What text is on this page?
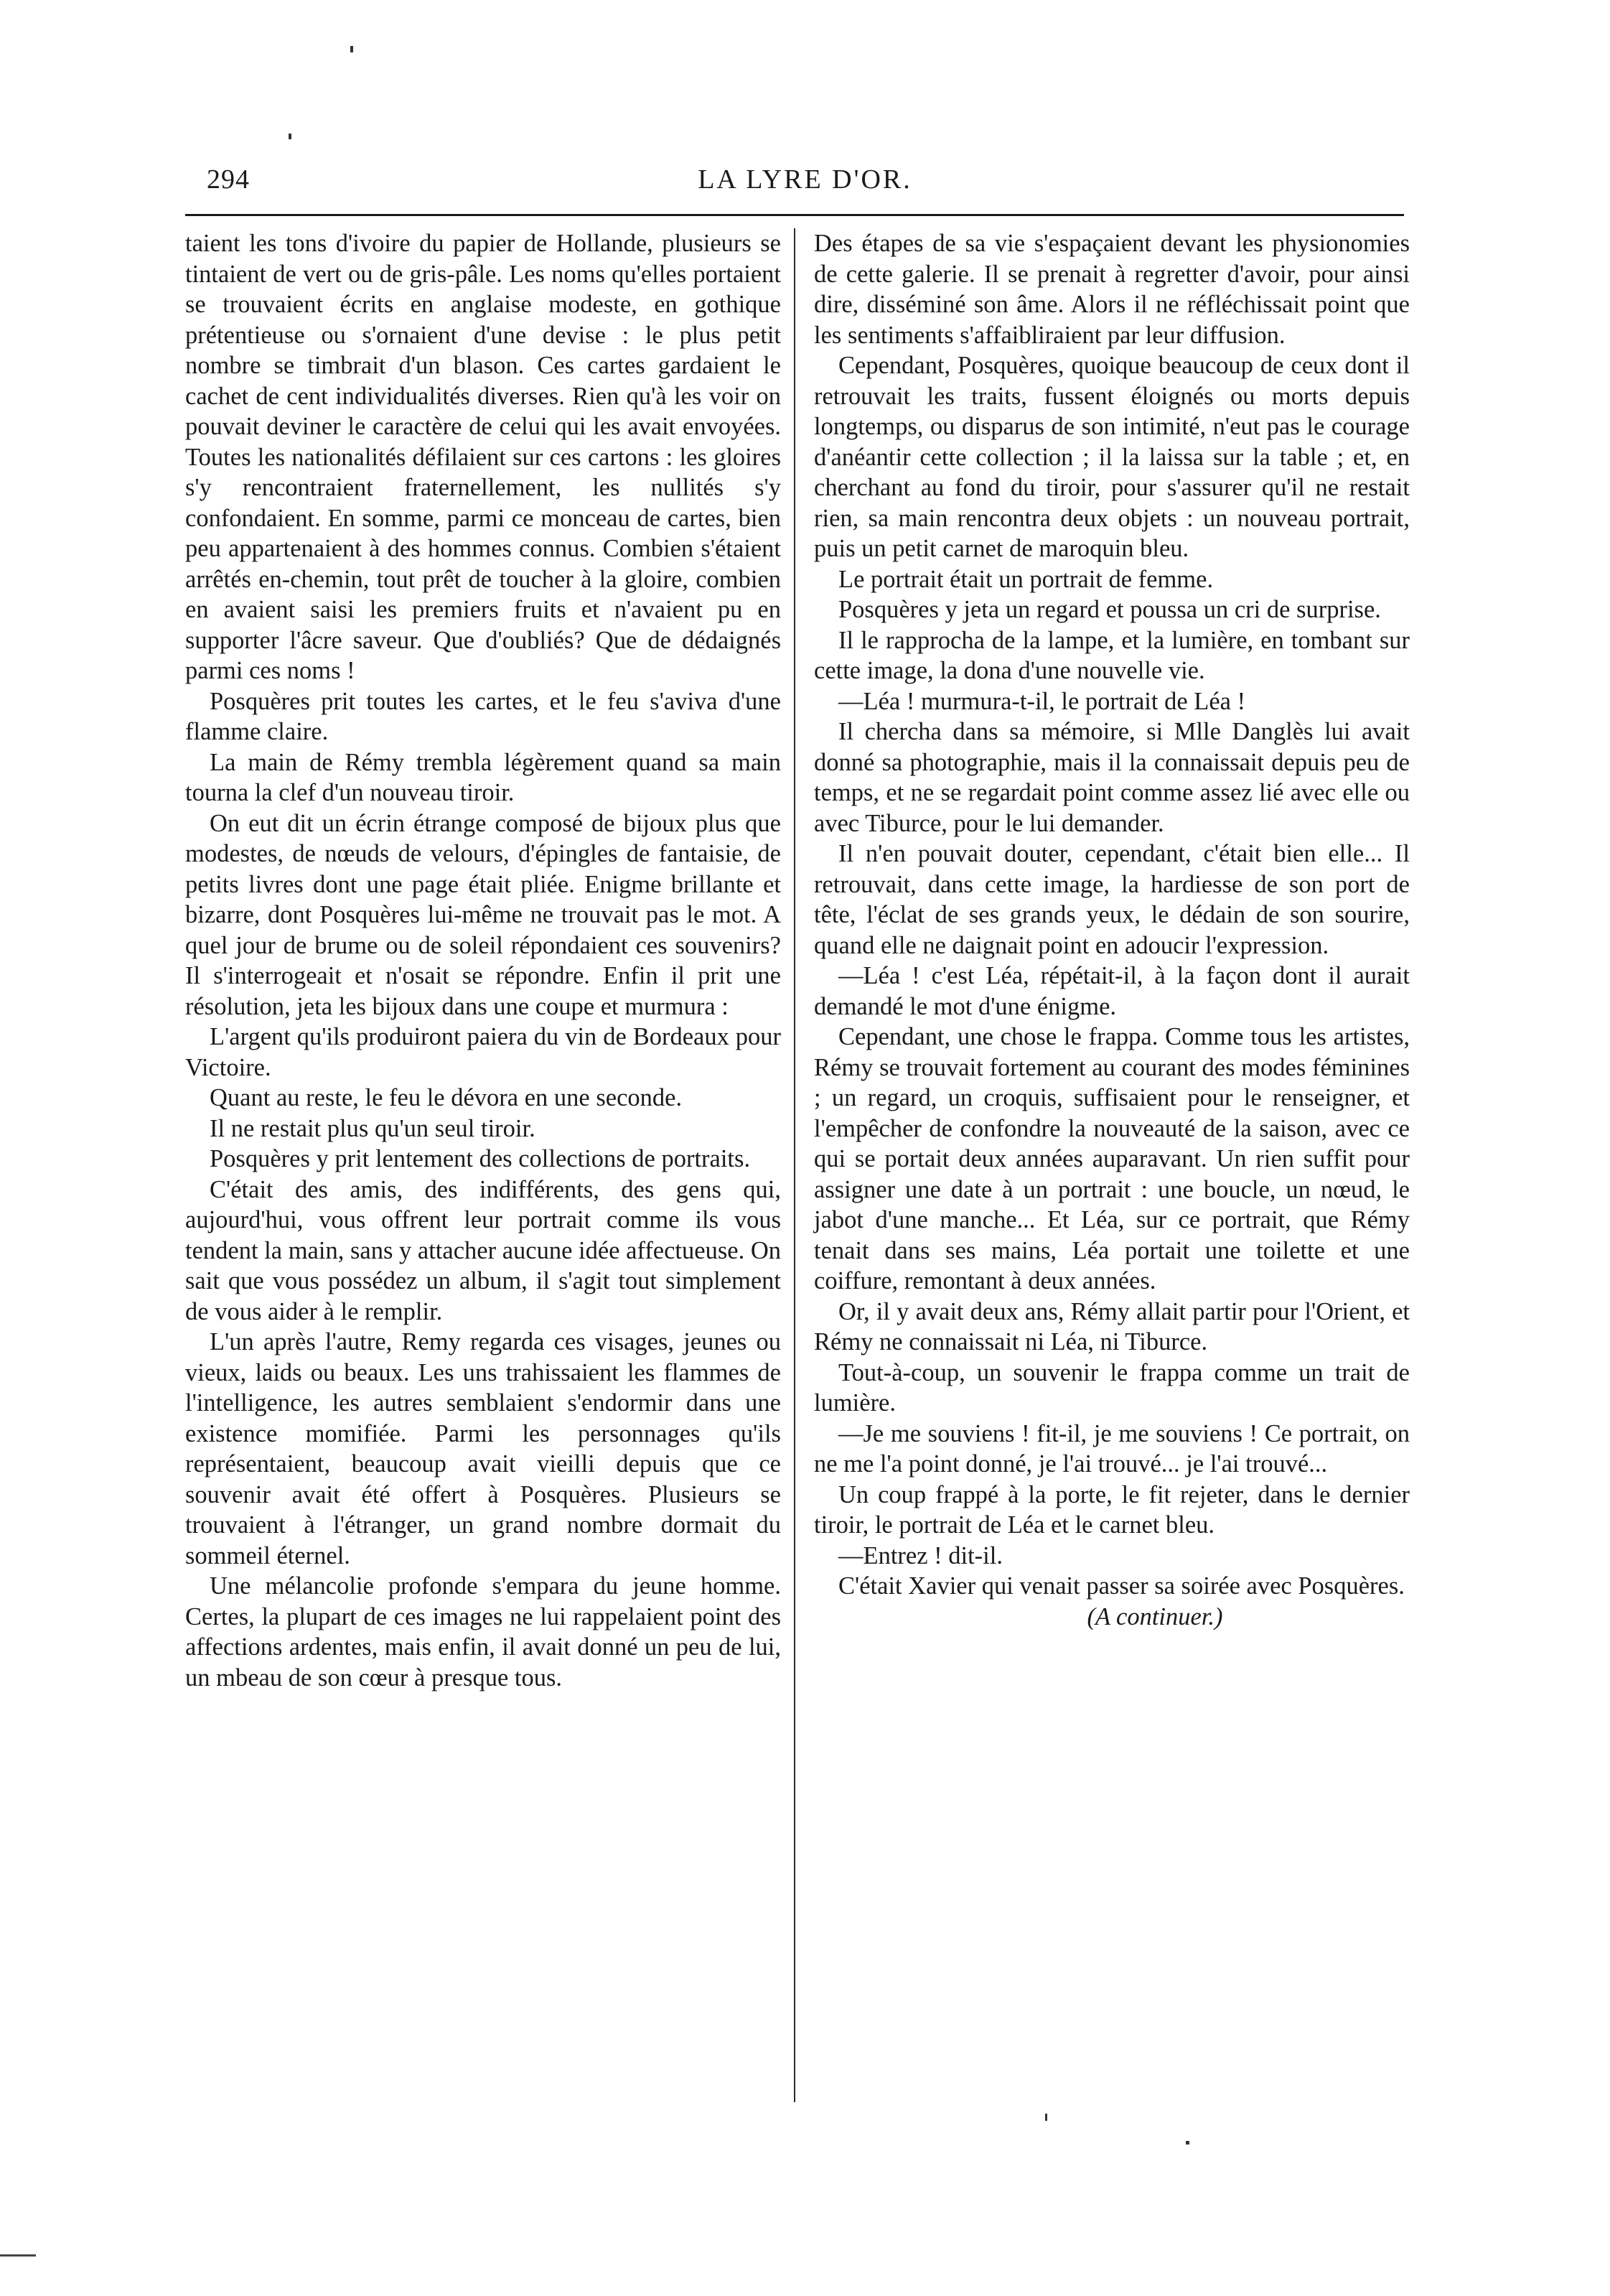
294	LA LYRE D'OR.

taient les tons d'ivoire du papier de Hollande, plusieurs se tintaient de vert ou de gris-pâle. Les noms qu'elles portaient se trouvaient écrits en anglaise modeste, en gothique prétentieuse ou s'ornaient d'une devise : le plus petit nombre se timbrait d'un blason. Ces cartes gardaient le cachet de cent individualités diverses. Rien qu'à les voir on pouvait deviner le caractère de celui qui les avait envoyées. Toutes les nationalités défilaient sur ces cartons : les gloires s'y rencontraient fraternellement, les nullités s'y confondaient. En somme, parmi ce monceau de cartes, bien peu appartenaient à des hommes connus. Combien s'étaient arrêtés en-chemin, tout prêt de toucher à la gloire, combien en avaient saisi les premiers fruits et n'avaient pu en supporter l'âcre saveur. Que d'oubliés? Que de dédaignés parmi ces noms !

Posquères prit toutes les cartes, et le feu s'aviva d'une flamme claire.

La main de Rémy trembla légèrement quand sa main tourna la clef d'un nouveau tiroir.

On eut dit un écrin étrange composé de bijoux plus que modestes, de nœuds de velours, d'épingles de fantaisie, de petits livres dont une page était pliée. Enigme brillante et bizarre, dont Posquères lui-même ne trouvait pas le mot. A quel jour de brume ou de soleil répondaient ces souvenirs? Il s'interrogeait et n'osait se répondre. Enfin il prit une résolution, jeta les bijoux dans une coupe et murmura :

L'argent qu'ils produiront paiera du vin de Bordeaux pour Victoire.

Quant au reste, le feu le dévora en une seconde.

Il ne restait plus qu'un seul tiroir.

Posquères y prit lentement des collections de portraits.

C'était des amis, des indifférents, des gens qui, aujourd'hui, vous offrent leur portrait comme ils vous tendent la main, sans y attacher aucune idée affectueuse. On sait que vous possédez un album, il s'agit tout simplement de vous aider à le remplir.

L'un après l'autre, Remy regarda ces visages, jeunes ou vieux, laids ou beaux. Les uns trahissaient les flammes de l'intelligence, les autres semblaient s'endormir dans une existence momifiée. Parmi les personnages qu'ils représentaient, beaucoup avait vieilli depuis que ce souvenir avait été offert à Posquères. Plusieurs se trouvaient à l'étranger, un grand nombre dormait du sommeil éternel.

Une mélancolie profonde s'empara du jeune homme. Certes, la plupart de ces images ne lui rappelaient point des affections ardentes, mais enfin, il avait donné un peu de lui, un mbeau de son cœur à presque tous.

Des étapes de sa vie s'espaçaient devant les physionomies de cette galerie. Il se prenait à regretter d'avoir, pour ainsi dire, disséminé son âme. Alors il ne réfléchissait point que les sentiments s'affaibliraient par leur diffusion.

Cependant, Posquères, quoique beaucoup de ceux dont il retrouvait les traits, fussent éloignés ou morts depuis longtemps, ou disparus de son intimité, n'eut pas le courage d'anéantir cette collection ; il la laissa sur la table ; et, en cherchant au fond du tiroir, pour s'assurer qu'il ne restait rien, sa main rencontra deux objets : un nouveau portrait, puis un petit carnet de maroquin bleu.

Le portrait était un portrait de femme.

Posquères y jeta un regard et poussa un cri de surprise.

Il le rapprocha de la lampe, et la lumière, en tombant sur cette image, la dona d'une nouvelle vie.

—Léa ! murmura-t-il, le portrait de Léa !

Il chercha dans sa mémoire, si Mlle Danglès lui avait donné sa photographie, mais il la connaissait depuis peu de temps, et ne se regardait point comme assez lié avec elle ou avec Tiburce, pour le lui demander.

Il n'en pouvait douter, cependant, c'était bien elle... Il retrouvait, dans cette image, la hardiesse de son port de tête, l'éclat de ses grands yeux, le dédain de son sourire, quand elle ne daignait point en adoucir l'expression.

—Léa ! c'est Léa, répétait-il, à la façon dont il aurait demandé le mot d'une énigme.

Cependant, une chose le frappa. Comme tous les artistes, Rémy se trouvait fortement au courant des modes féminines ; un regard, un croquis, suffisaient pour le renseigner, et l'empêcher de confondre la nouveauté de la saison, avec ce qui se portait deux années auparavant. Un rien suffit pour assigner une date à un portrait : une boucle, un nœud, le jabot d'une manche... Et Léa, sur ce portrait, que Rémy tenait dans ses mains, Léa portait une toilette et une coiffure, remontant à deux années.

Or, il y avait deux ans, Rémy allait partir pour l'Orient, et Rémy ne connaissait ni Léa, ni Tiburce.

Tout-à-coup, un souvenir le frappa comme un trait de lumière.

—Je me souviens ! fit-il, je me souviens ! Ce portrait, on ne me l'a point donné, je l'ai trouvé... je l'ai trouvé...

Un coup frappé à la porte, le fit rejeter, dans le dernier tiroir, le portrait de Léa et le carnet bleu.

—Entrez ! dit-il.

C'était Xavier qui venait passer sa soirée avec Posquères.

(A continuer.)
